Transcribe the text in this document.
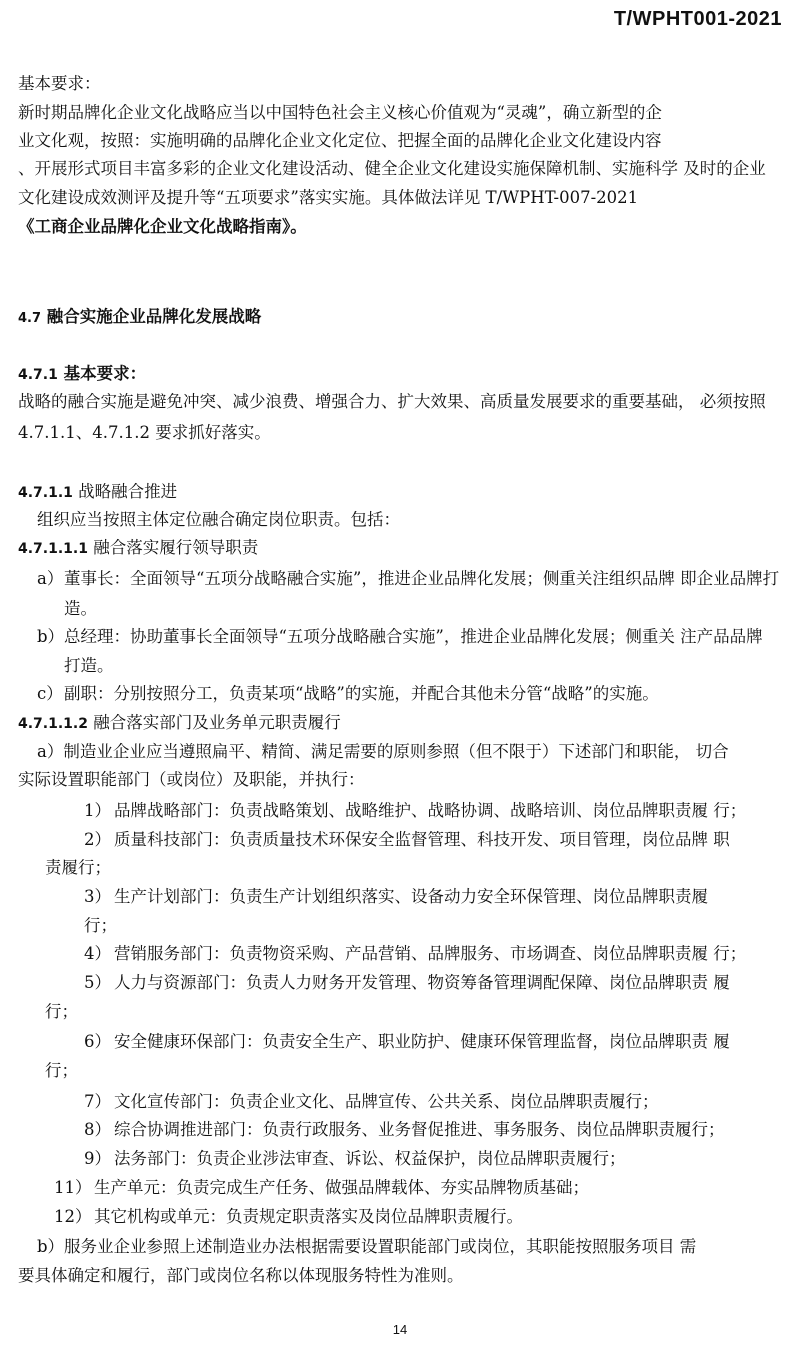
T/WPHT001-2021
基本要求：
新时期品牌化企业文化战略应当以中国特色社会主义核心价值观为“灵魂”，确立新型的企
业文化观，按照：实施明确的品牌化企业文化定位、把握全面的品牌化企业文化建设内容
、开展形式项目丰富多彩的企业文化建设活动、健全企业文化建设实施保障机制、实施科学 及时的企业
文化建设成效测评及提升等“五项要求”落实实施。具体做法详见 T/WPHT-007-2021
《工商企业品牌化企业文化战略指南》。
4.7 融合实施企业品牌化发展战略
4.7.1 基本要求：
战略的融合实施是避免冲突、减少浪费、增强合力、扩大效果、高质量发展要求的重要基础， 必须按照
4.7.1.1、4.7.1.2 要求抓好落实。
4.7.1.1 战略融合推进
组织应当按照主体定位融合确定岗位职责。包括：
4.7.1.1.1 融合落实履行领导职责
a） 董事长：全面领导“五项分战略融合实施”，推进企业品牌化发展；侧重关注组织品牌 即企业品牌打
造。
b） 总经理：协助董事长全面领导“五项分战略融合实施”，推进企业品牌化发展；侧重关 注产品品牌
打造。
c） 副职：分别按照分工，负责某项“战略”的实施，并配合其他未分管“战略”的实施。
4.7.1.1.2 融合落实部门及业务单元职责履行
a）制造业企业应当遵照扁平、精简、满足需要的原则参照（但不限于）下述部门和职能， 切合
实际设置职能部门（或岗位）及职能，并执行：
1） 品牌战略部门：负责战略策划、战略维护、战略协调、战略培训、岗位品牌职责履 行；
2） 质量科技部门：负责质量技术环保安全监督管理、科技开发、项目管理，岗位品牌 职
责履行；
3） 生产计划部门：负责生产计划组织落实、设备动力安全环保管理、岗位品牌职责履
行；
4） 营销服务部门：负责物资采购、产品营销、品牌服务、市场调查、岗位品牌职责履 行；
5） 人力与资源部门：负责人力财务开发管理、物资筹备管理调配保障、岗位品牌职责 履
行；
6） 安全健康环保部门：负责安全生产、职业防护、健康环保管理监督，岗位品牌职责 履
行；
7） 文化宣传部门：负责企业文化、品牌宣传、公共关系、岗位品牌职责履行；
8） 综合协调推进部门：负责行政服务、业务督促推进、事务服务、岗位品牌职责履行；
9） 法务部门：负责企业涉法审查、诉讼、权益保护，岗位品牌职责履行；
11） 生产单元：负责完成生产任务、做强品牌载体、夯实品牌物质基础；
12） 其它机构或单元：负责规定职责落实及岗位品牌职责履行。
b）服务业企业参照上述制造业办法根据需要设置职能部门或岗位，其职能按照服务项目 需
要具体确定和履行，部门或岗位名称以体现服务特性为准则。
14
